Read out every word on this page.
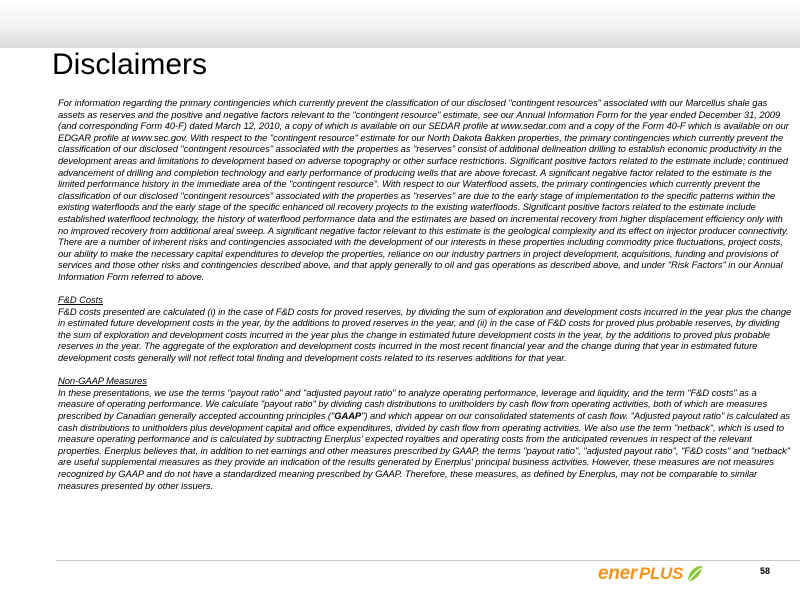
Disclaimers

For information regarding the primary contingencies which currently prevent the classification of our disclosed "contingent resources" associated with our Marcellus shale gas assets as reserves and the positive and negative factors relevant to the "contingent resource" estimate, see our Annual Information Form for the year ended December 31, 2009 (and corresponding Form 40-F) dated March 12, 2010, a copy of which is available on our SEDAR profile at www.sedar.com and a copy of the Form 40-F which is available on our EDGAR profile at www.sec.gov. With respect to the "contingent resource" estimate for our North Dakota Bakken properties, the primary contingencies which currently prevent the classification of our disclosed "contingent resources" associated with the properties as "reserves" consist of additional delineation drilling to establish economic productivity in the development areas and limitations to development based on adverse topography or other surface restrictions. Significant positive factors related to the estimate include; continued advancement of drilling and completion technology and early performance of producing wells that are above forecast. A significant negative factor related to the estimate is the limited performance history in the immediate area of the "contingent resource". With respect to our Waterflood assets, the primary contingencies which currently prevent the classification of our disclosed "contingent resources" associated with the properties as "reserves" are due to the early stage of implementation to the specific patterns within the existing waterfloods and the early stage of the specific enhanced oil recovery projects to the existing waterfloods. Significant positive factors related to the estimate include established waterflood technology, the history of waterflood performance data and the estimates are based on incremental recovery from higher displacement efficiency only with no improved recovery from additional areal sweep. A significant negative factor relevant to this estimate is the geological complexity and its effect on injector producer connectivity. There are a number of inherent risks and contingencies associated with the development of our interests in these properties including commodity price fluctuations, project costs, our ability to make the necessary capital expenditures to develop the properties, reliance on our industry partners in project development, acquisitions, funding and provisions of services and those other risks and contingencies described above, and that apply generally to oil and gas operations as described above, and under "Risk Factors" in our Annual Information Form referred to above.

F&D Costs

F&D costs presented are calculated (i) in the case of F&D costs for proved reserves, by dividing the sum of exploration and development costs incurred in the year plus the change in estimated future development costs in the year, by the additions to proved reserves in the year, and (ii) in the case of F&D costs for proved plus probable reserves, by dividing the sum of exploration and development costs incurred in the year plus the change in estimated future development costs in the year, by the additions to proved plus probable reserves in the year. The aggregate of the exploration and development costs incurred in the most recent financial year and the change during that year in estimated future development costs generally will not reflect total finding and development costs related to its reserves additions for that year.

Non-GAAP Measures

In these presentations, we use the terms "payout ratio" and "adjusted payout ratio" to analyze operating performance, leverage and liquidity, and the term "F&D costs" as a measure of operating performance. We calculate "payout ratio" by dividing cash distributions to unitholders by cash flow from operating activities, both of which are measures prescribed by Canadian generally accepted accounting principles ("GAAP") and which appear on our consolidated statements of cash flow. "Adjusted payout ratio" is calculated as cash distributions to unitholders plus development capital and office expenditures, divided by cash flow from operating activities. We also use the term "netback", which is used to measure operating performance and is calculated by subtracting Enerplus' expected royalties and operating costs from the anticipated revenues in respect of the relevant properties. Enerplus believes that, in addition to net earnings and other measures prescribed by GAAP, the terms "payout ratio", "adjusted payout ratio", "F&D costs" and "netback" are useful supplemental measures as they provide an indication of the results generated by Enerplus' principal business activities. However, these measures are not measures recognized by GAAP and do not have a standardized meaning prescribed by GAAP. Therefore, these measures, as defined by Enerplus, may not be comparable to similar measures presented by other issuers.

ener PLUS	58
